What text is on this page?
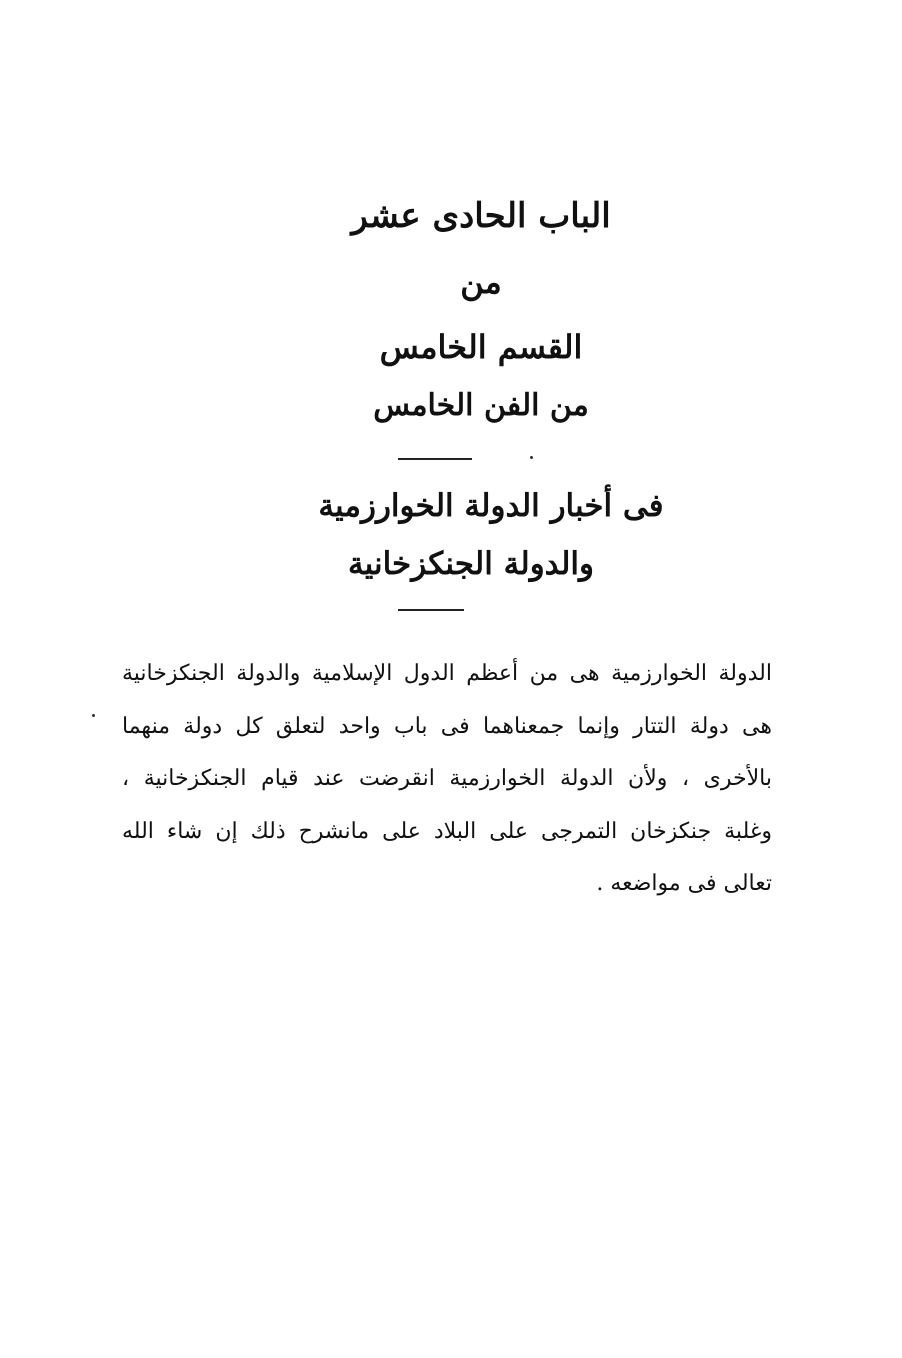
الباب الحادى عشر
من
القسم الخامس
من الفن الخامس
فى أخبار الدولة الخوارزمية
والدولة الجنكزخانية
الدولة الخوارزمية هى من أعظم الدول الإسلامية والدولة الجنكزخانية
هى دولة التتار وإنما جمعناهما فى باب واحد لتعلق كل دولة منهما
بالأخرى ، ولأن الدولة الخوارزمية انقرضت عند قيام الجنكزخانية ،
وغلبة جنكزخان التمرجى على البلاد على مانشرح ذلك إن شاء الله
تعالى فى مواضعه .
